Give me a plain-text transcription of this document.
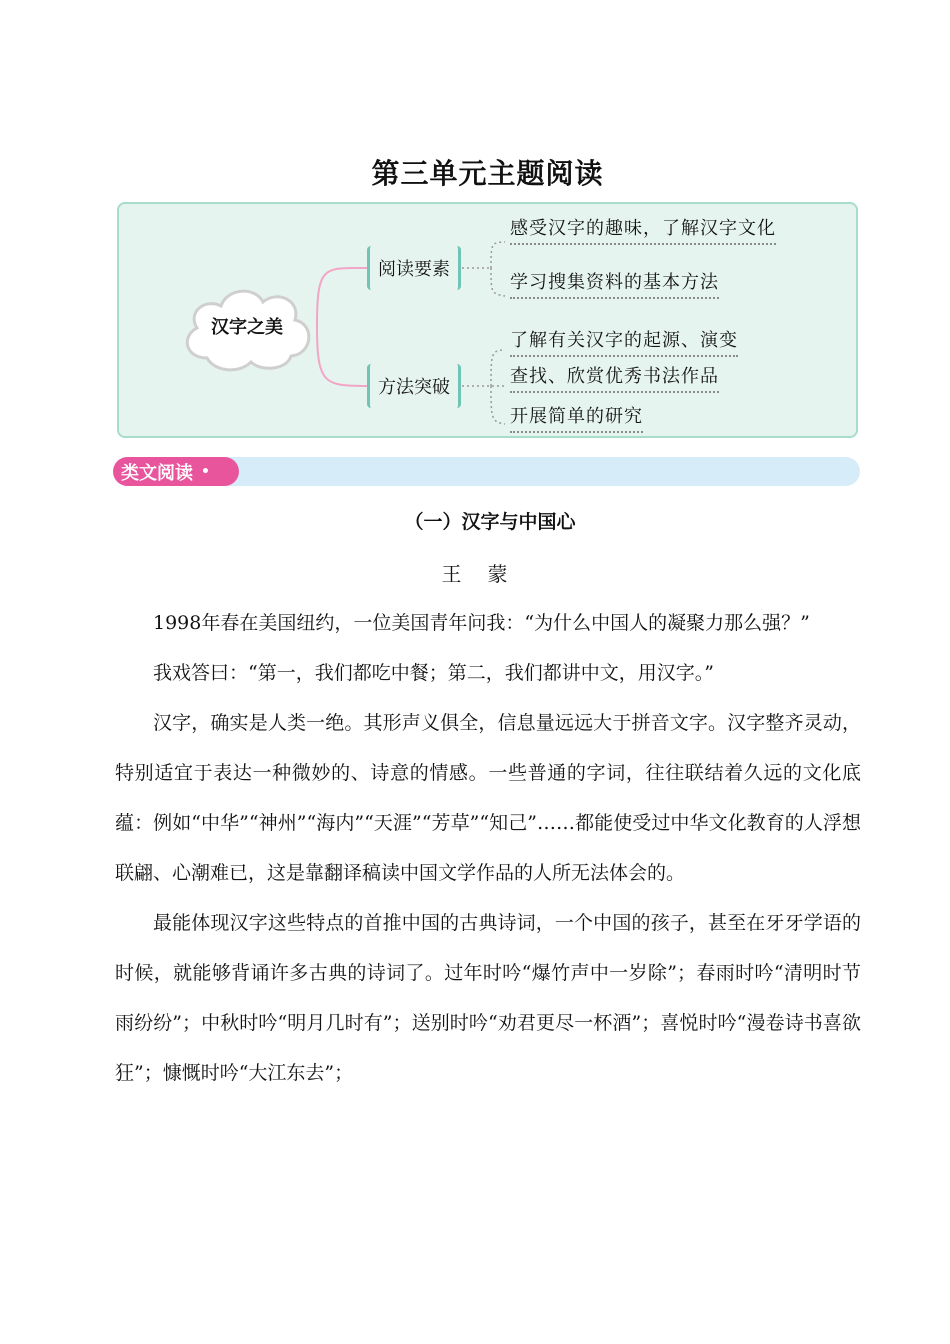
第三单元主题阅读
汉字之美
阅读要素
方法突破
感受汉字的趣味，了解汉字文化
学习搜集资料的基本方法
了解有关汉字的起源、演变
查找、欣赏优秀书法作品
开展简单的研究
类文阅读 •
（一）汉字与中国心
王蒙

1998年春在美国纽约，一位美国青年问我：“为什么中国人的凝聚力那么强？”

我戏答曰：“第一，我们都吃中餐；第二，我们都讲中文，用汉字。”

汉字，确实是人类一绝。其形声义俱全，信息量远远大于拼音文字。汉字整齐灵动，特别适宜于表达一种微妙的、诗意的情感。一些普通的字词，往往联结着久远的文化底蕴：例如“中华”“神州”“海内”“天涯”“芳草”“知己”……都能使受过中华文化教育的人浮想联翩、心潮难已，这是靠翻译稿读中国文学作品的人所无法体会的。

最能体现汉字这些特点的首推中国的古典诗词，一个中国的孩子，甚至在牙牙学语的时候，就能够背诵许多古典的诗词了。过年时吟“爆竹声中一岁除”；春雨时吟“清明时节雨纷纷”；中秋时吟“明月几时有”；送别时吟“劝君更尽一杯酒”；喜悦时吟“漫卷诗书喜欲狂”；慷慨时吟“大江东去”；
